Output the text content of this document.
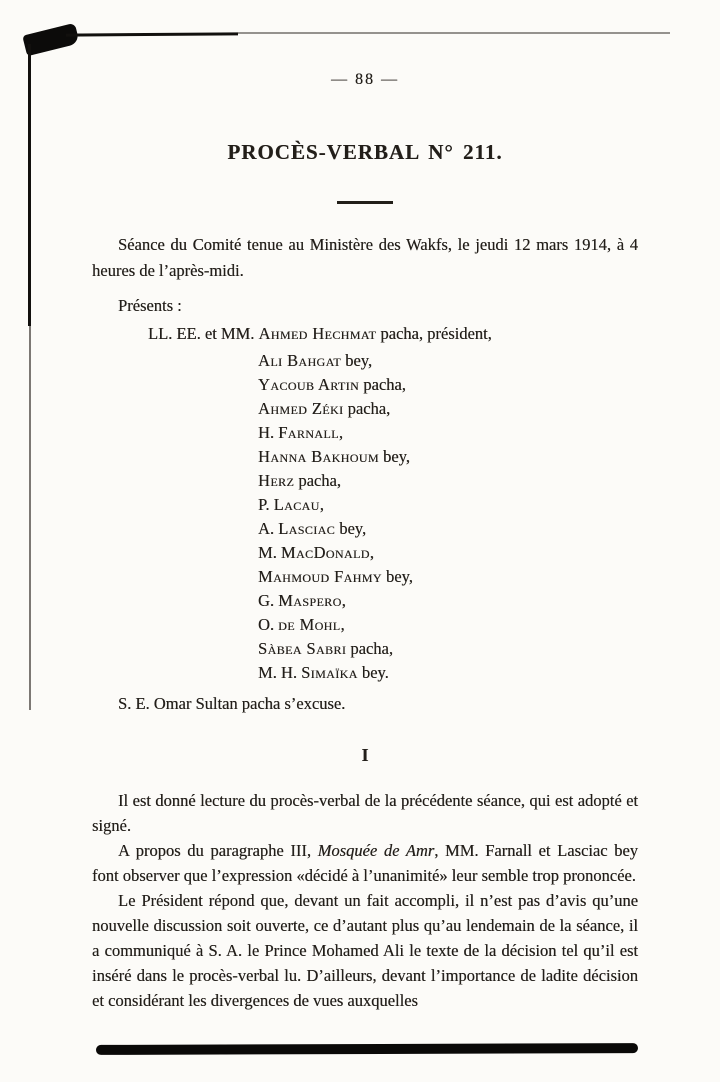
— 88 —
PROCÈS-VERBAL N° 211.

Séance du Comité tenue au Ministère des Wakfs, le jeudi 12 mars 1914, à 4 heures de l’après-midi.

Présents :

LL. EE. et MM. Ahmed Hechmat pacha, président,
Ali Bahgat bey,
Yacoub Artin pacha,
Ahmed Zéki pacha,
H. Farnall,
Hanna Bakhoum bey,
Herz pacha,
P. Lacau,
A. Lasciac bey,
M. MacDonald,
Mahmoud Fahmy bey,
G. Maspero,
O. de Mohl,
Sàbea Sabri pacha,
M. H. Simaïka bey.

S. E. Omar Sultan pacha s’excuse.

I

Il est donné lecture du procès-verbal de la précédente séance, qui est adopté et signé.

A propos du paragraphe III, Mosquée de Amr, MM. Farnall et Lasciac bey font observer que l’expression «décidé à l’unanimité» leur semble trop prononcée.

Le Président répond que, devant un fait accompli, il n’est pas d’avis qu’une nouvelle discussion soit ouverte, ce d’autant plus qu’au lendemain de la séance, il a communiqué à S. A. le Prince Mohamed Ali le texte de la décision tel qu’il est inséré dans le procès-verbal lu. D’ailleurs, devant l’importance de ladite décision et considérant les divergences de vues auxquelles
